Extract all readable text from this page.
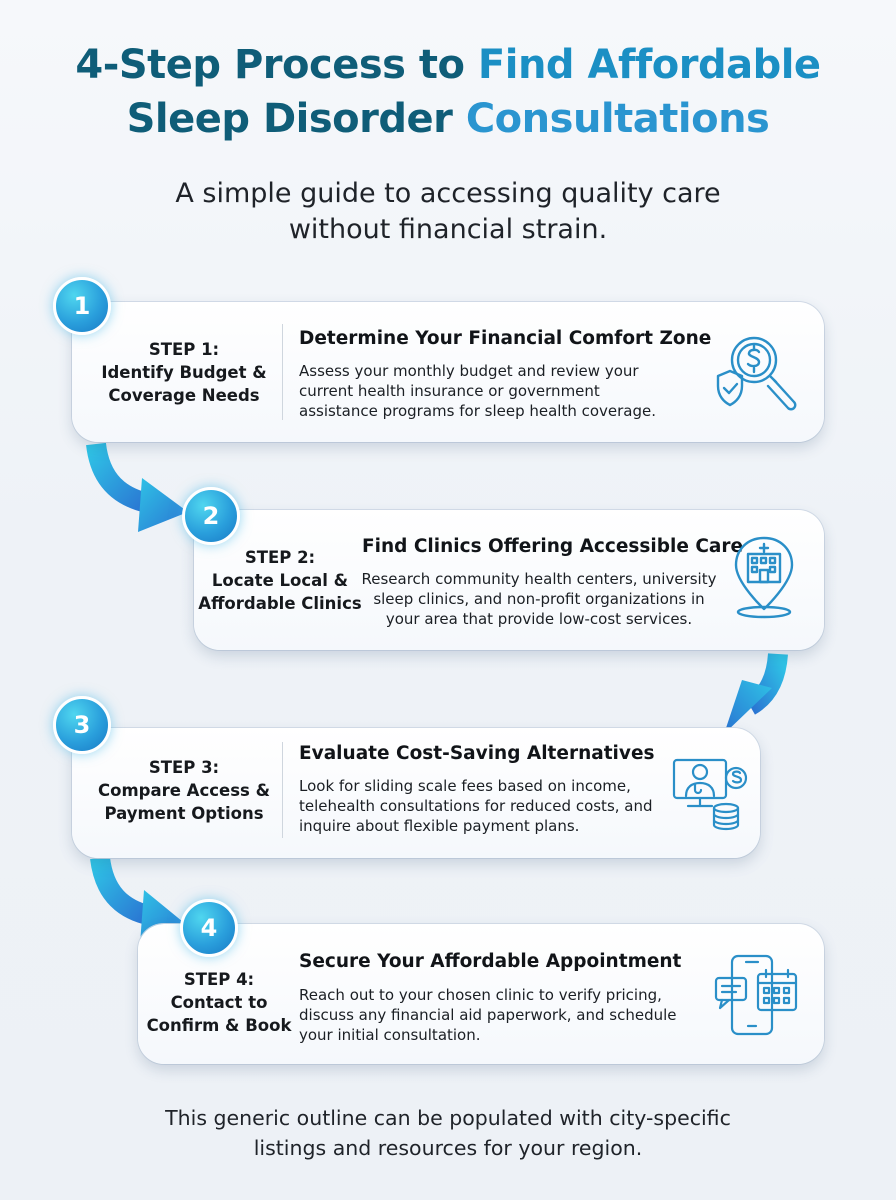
4-Step Process to Find Affordable
Sleep Disorder Consultations
A simple guide to accessing quality care
without financial strain.
STEP 1:
Identify Budget &
Coverage Needs
Determine Your Financial Comfort Zone
Assess your monthly budget and review your
current health insurance or government
assistance programs for sleep health coverage.
1
STEP 2:
Locate Local &
Affordable Clinics
Find Clinics Offering Accessible Care
Research community health centers, university
sleep clinics, and non-profit organizations in
your area that provide low-cost services.
2
STEP 3:
Compare Access &
Payment Options
Evaluate Cost-Saving Alternatives
Look for sliding scale fees based on income,
telehealth consultations for reduced costs, and
inquire about flexible payment plans.
3
STEP 4:
Contact to
Confirm & Book
Secure Your Affordable Appointment
Reach out to your chosen clinic to verify pricing,
discuss any financial aid paperwork, and schedule
your initial consultation.
4
This generic outline can be populated with city-specific
listings and resources for your region.
